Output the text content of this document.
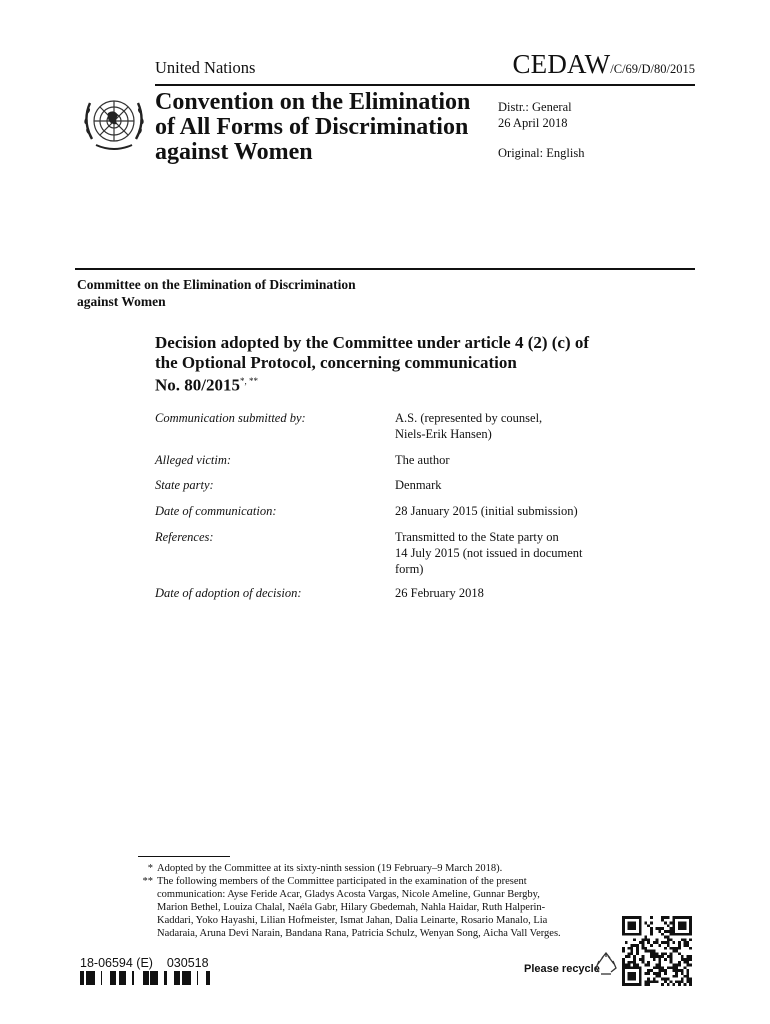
United Nations	CEDAW/C/69/D/80/2015
Convention on the Elimination
of All Forms of Discrimination
against Women
Distr.: General
26 April 2018
Original: English
Committee on the Elimination of Discrimination
against Women
Decision adopted by the Committee under article 4 (2) (c) of
the Optional Protocol, concerning communication
No. 80/2015*, **
Communication submitted by:	A.S. (represented by counsel,
Niels-Erik Hansen)
Alleged victim:	The author
State party:	Denmark
Date of communication:	28 January 2015 (initial submission)
References:	Transmitted to the State party on
14 July 2015 (not issued in document
form)
Date of adoption of decision:	26 February 2018
* Adopted by the Committee at its sixty-ninth session (19 February–9 March 2018).
** The following members of the Committee participated in the examination of the present
communication: Ayse Feride Acar, Gladys Acosta Vargas, Nicole Ameline, Gunnar Bergby,
Marion Bethel, Louiza Chalal, Naéla Gabr, Hilary Gbedemah, Nahla Haidar, Ruth Halperin-
Kaddari, Yoko Hayashi, Lilian Hofmeister, Ismat Jahan, Dalia Leinarte, Rosario Manalo, Lia
Nadaraia, Aruna Devi Narain, Bandana Rana, Patricia Schulz, Wenyan Song, Aicha Vall Verges.
18-06594 (E)    030518	Please recycle
